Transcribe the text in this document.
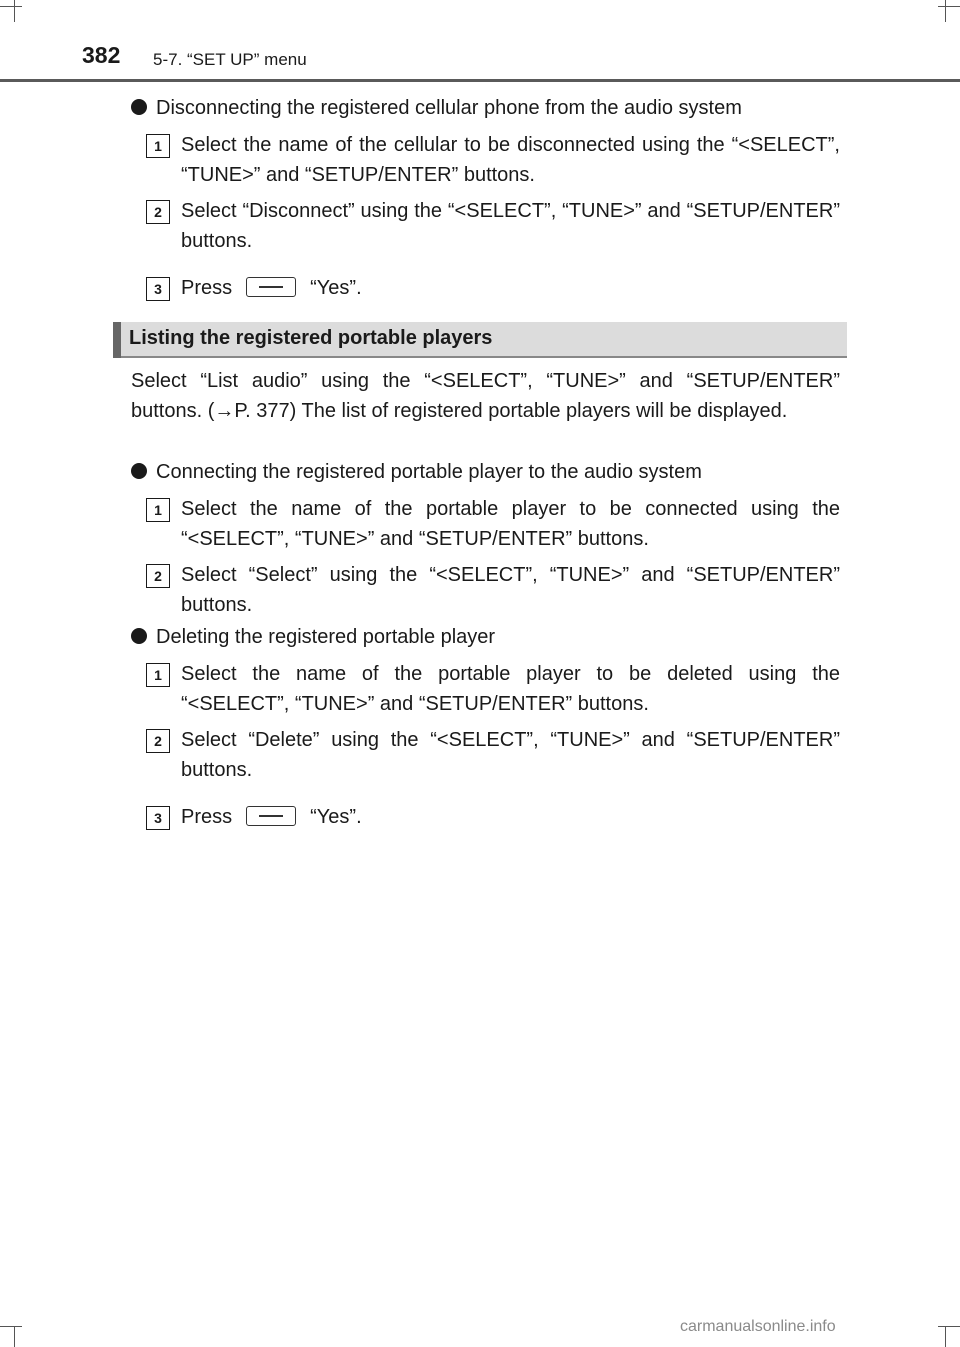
382 5-7. “SET UP” menu
Disconnecting the registered cellular phone from the audio system
1 Select the name of the cellular to be disconnected using the “<SELECT”, “TUNE>” and “SETUP/ENTER” buttons.
2 Select “Disconnect” using the “<SELECT”, “TUNE>” and “SETUP/ENTER” buttons.
3 Press	“Yes”.
Listing the registered portable players
Select “List audio” using the “<SELECT”, “TUNE>” and “SETUP/ENTER” buttons. (→P. 377) The list of registered portable players will be displayed.
Connecting the registered portable player to the audio system
1 Select the name of the portable player to be connected using the “<SELECT”, “TUNE>” and “SETUP/ENTER” buttons.
2 Select “Select” using the “<SELECT”, “TUNE>” and “SETUP/ENTER” buttons.
Deleting the registered portable player
1 Select the name of the portable player to be deleted using the “<SELECT”, “TUNE>” and “SETUP/ENTER” buttons.
2 Select “Delete” using the “<SELECT”, “TUNE>” and “SETUP/ENTER” buttons.
3 Press	“Yes”.
carmanualsonline.info
